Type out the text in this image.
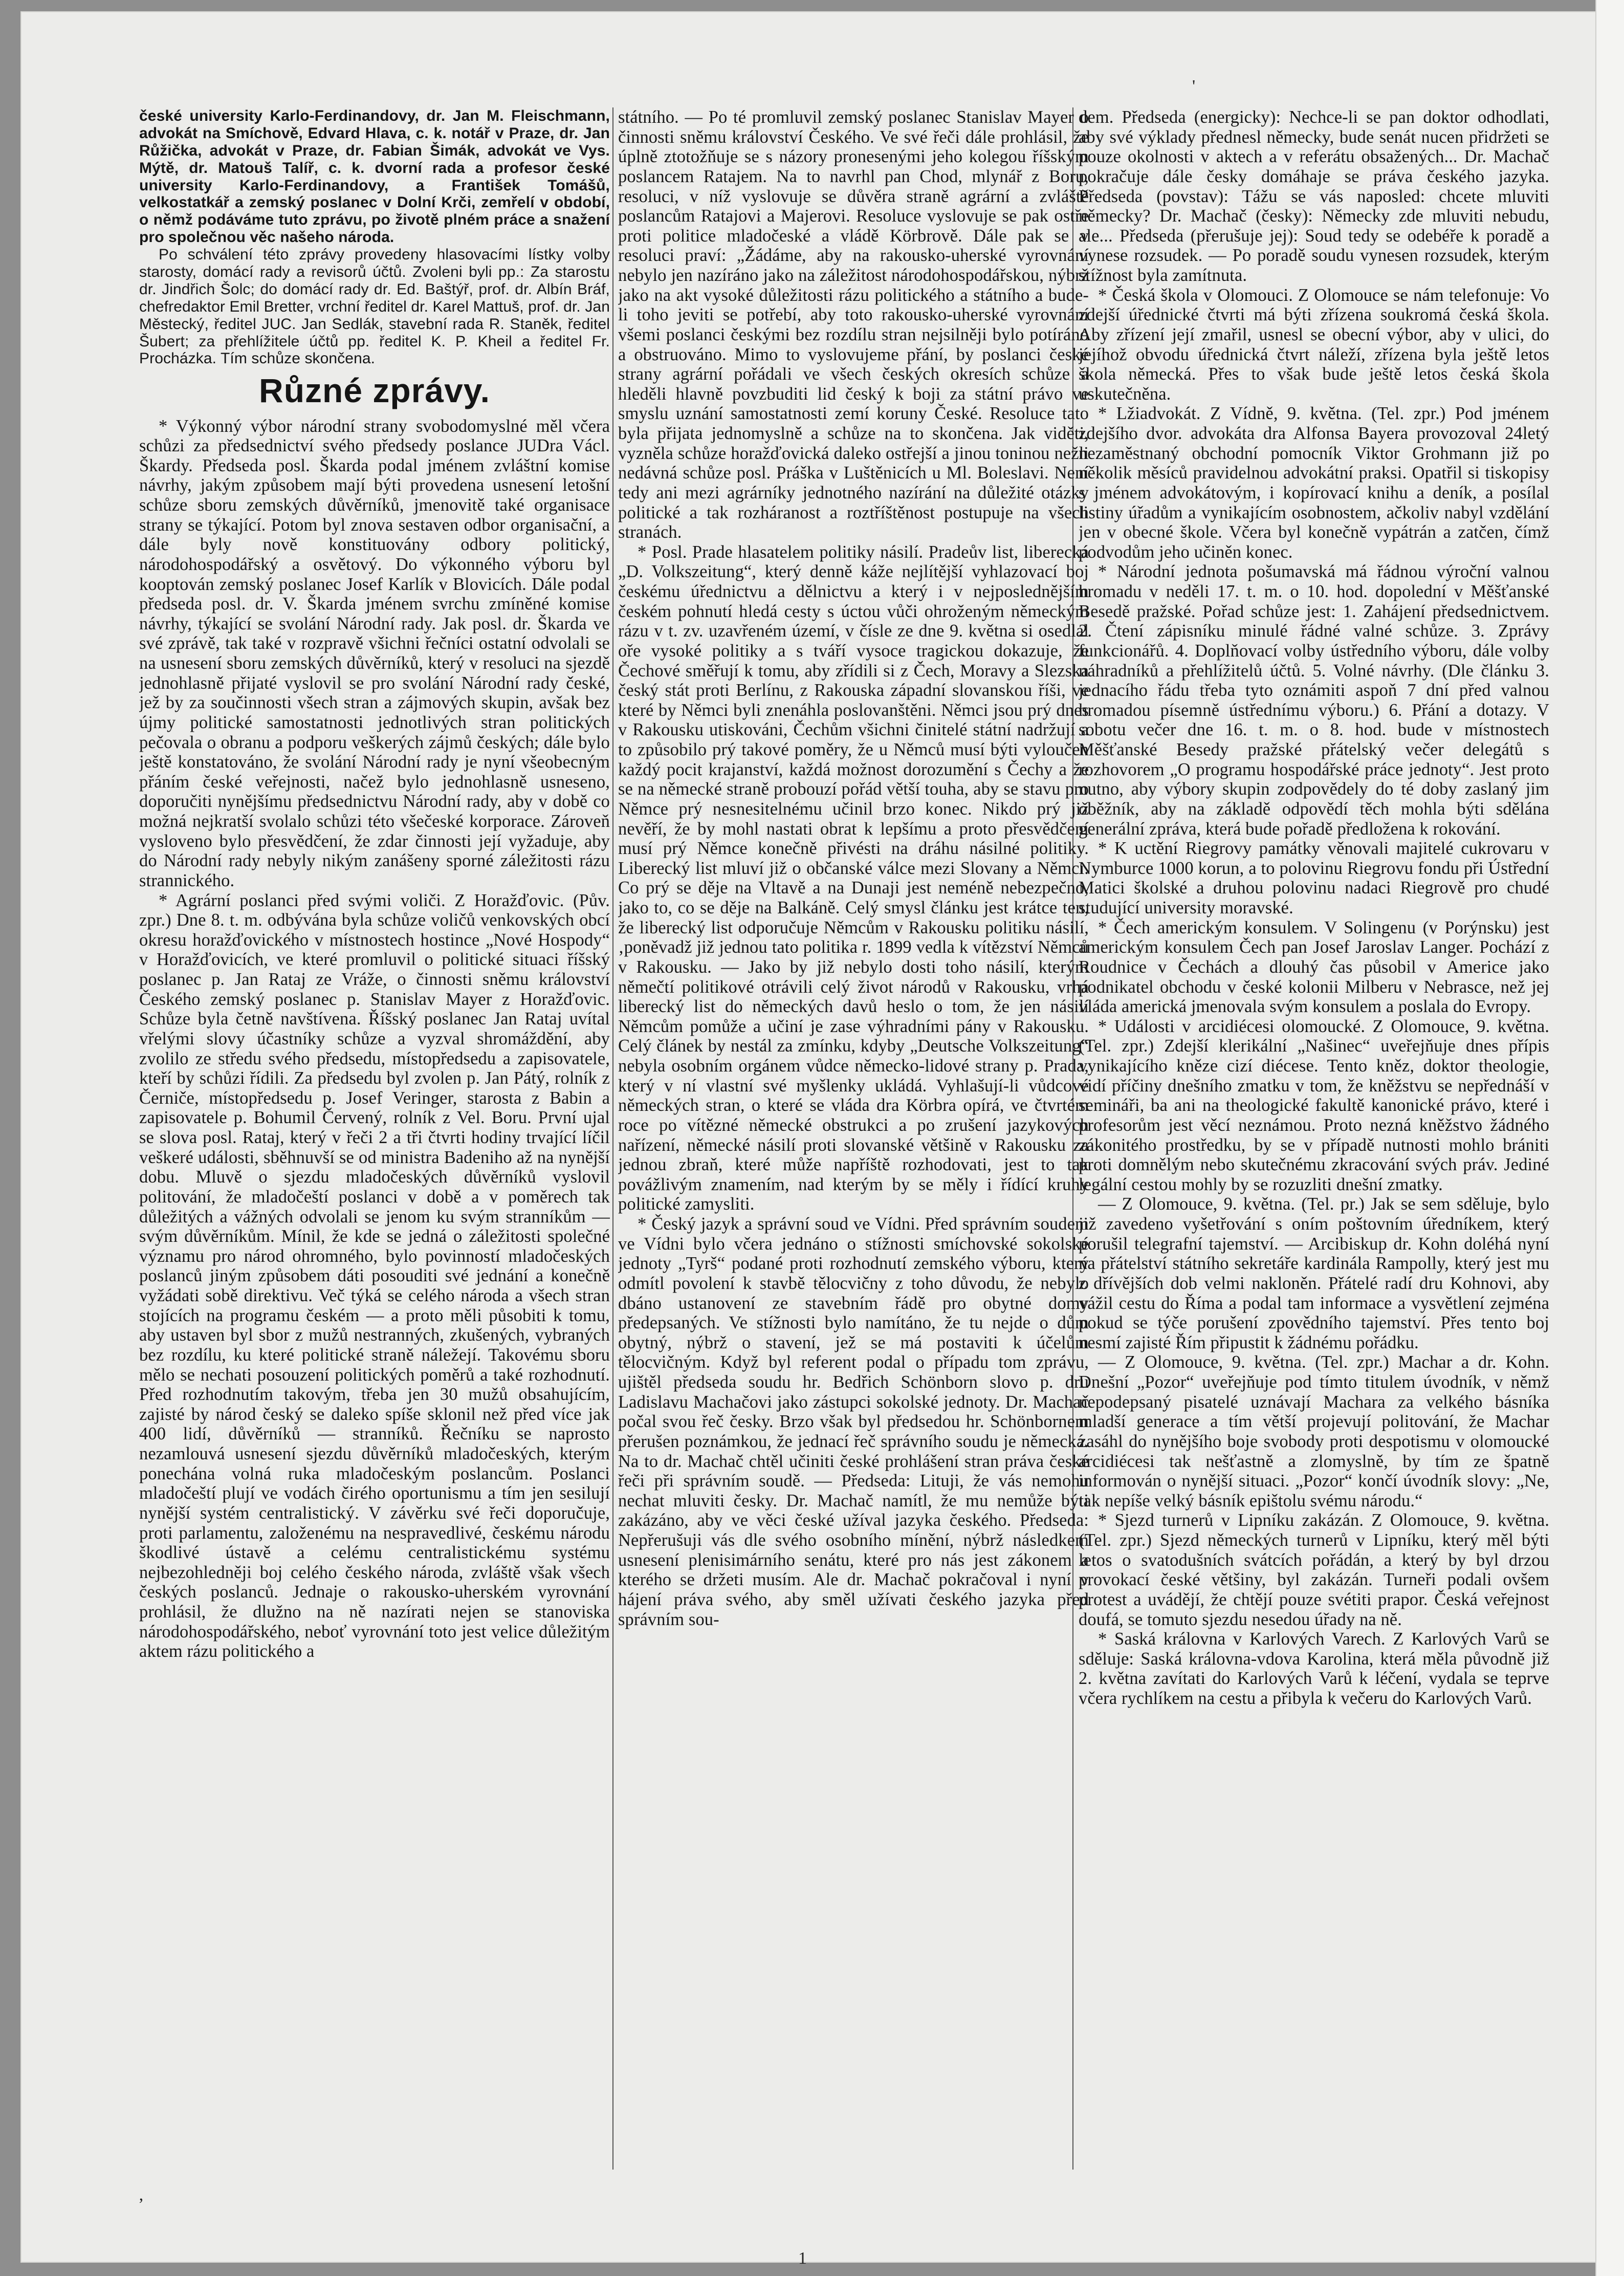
'
1
ʼ

české university Karlo-Ferdinandovy, dr. Jan M. Fleischmann, advokát na Smíchově, Edvard Hlava, c. k. notář v Praze, dr. Jan Růžička, advokát v Praze, dr. Fabian Šimák, advokát ve Vys. Mýtě, dr. Matouš Talíř, c. k. dvorní rada a profesor české university Karlo-Ferdinandovy, a František Tomášů, velkostatkář a zemský poslanec v Dolní Krči, zemřelí v období, o němž podáváme tuto zprávu, po životě plném práce a snažení pro společnou věc našeho národa.

Po schválení této zprávy provedeny hlasovacími lístky volby starosty, domácí rady a revisorů účtů. Zvoleni byli pp.: Za starostu dr. Jindřich Šolc; do domácí rady dr. Ed. Baštýř, prof. dr. Albín Bráf, chefredaktor Emil Bretter, vrchní ředitel dr. Karel Mattuš, prof. dr. Jan Městecký, ředitel JUC. Jan Sedlák, stavební rada R. Staněk, ředitel Šubert; za přehlížitele účtů pp. ředitel K. P. Kheil a ředitel Fr. Procházka. Tím schůze skončena.

Různé zprávy.

* Výkonný výbor národní strany svobodomyslné měl včera schůzi za předsednictví svého předsedy poslance JUDra Václ. Škardy. Předseda posl. Škarda podal jménem zvláštní komise návrhy, jakým způsobem mají býti provedena usnesení letošní schůze sboru zemských důvěrníků, jmenovitě také organisace strany se týkající. Potom byl znova sestaven odbor organisační, a dále byly nově konstituovány odbory politický, národohospodářský a osvětový. Do výkonného výboru byl kooptován zemský poslanec Josef Karlík v Blovicích. Dále podal předseda posl. dr. V. Škarda jménem svrchu zmíněné komise návrhy, týkající se svolání Národní rady. Jak posl. dr. Škarda ve své zprávě, tak také v rozpravě všichni řečníci ostatní odvolali se na usnesení sboru zemských důvěrníků, který v resoluci na sjezdě jednohlasně přijaté vyslovil se pro svolání Národní rady české, jež by za součinnosti všech stran a zájmových skupin, avšak bez újmy politické samostatnosti jednotlivých stran politických pečovala o obranu a podporu veškerých zájmů českých; dále bylo ještě konstatováno, že svolání Národní rady je nyní všeobecným přáním české veřejnosti, načež bylo jednohlasně usneseno, doporučiti nynějšímu předsednictvu Národní rady, aby v době co možná nejkratší svolalo schůzi této všečeské korporace. Zároveň vysloveno bylo přesvědčení, že zdar činnosti její vyžaduje, aby do Národní rady nebyly nikým zanášeny sporné záležitosti rázu strannického.

* Agrární poslanci před svými voliči. Z Horažďovic. (Pův. zpr.) Dne 8. t. m. odbývána byla schůze voličů venkovských obcí okresu horažďovického v místnostech hostince „Nové Hospody“ v Horažďovicích, ve které promluvil o politické situaci říšský poslanec p. Jan Rataj ze Vráže, o činnosti sněmu království Českého zemský poslanec p. Stanislav Mayer z Horažďovic. Schůze byla četně navštívena. Říšský poslanec Jan Rataj uvítal vřelými slovy účastníky schůze a vyzval shromáždění, aby zvolilo ze středu svého předsedu, místopředsedu a zapisovatele, kteří by schůzi řídili. Za předsedu byl zvolen p. Jan Pátý, rolník z Černiče, místopředsedu p. Josef Veringer, starosta z Babin a zapisovatele p. Bohumil Červený, rolník z Vel. Boru. První ujal se slova posl. Rataj, který v řeči 2 a tři čtvrti hodiny trvající líčil veškeré události, sběhnuvší se od ministra Badeniho až na nynější dobu. Mluvě o sjezdu mladočeských důvěrníků vyslovil politování, že mladočeští poslanci v době a v poměrech tak důležitých a vážných odvolali se jenom ku svým stranníkům — svým důvěrníkům. Mínil, že kde se jedná o záležitosti společné významu pro národ ohromného, bylo povinností mladočeských poslanců jiným způsobem dáti posouditi své jednání a konečně vyžádati sobě direktivu. Več týká se celého národa a všech stran stojících na programu českém — a proto měli působiti k tomu, aby ustaven byl sbor z mužů nestranných, zkušených, vybraných bez rozdílu, ku které politické straně náležejí. Takovému sboru mělo se nechati posouzení politických poměrů a také rozhodnutí. Před rozhodnutím takovým, třeba jen 30 mužů obsahujícím, zajisté by národ český se daleko spíše sklonil než před více jak 400 lidí, důvěrníků — stranníků. Řečníku se naprosto nezamlouvá usnesení sjezdu důvěrníků mladočeských, kterým ponechána volná ruka mladočeským poslancům. Poslanci mladočeští plují ve vodách čirého oportunismu a tím jen sesilují nynější systém centralistický. V závěrku své řeči doporučuje, proti parlamentu, založenému na nespravedlivé, českému národu škodlivé ústavě a celému centralistickému systému nejbezohledněji boj celého českého národa, zvláště však všech českých poslanců. Jednaje o rakousko-uherském vyrovnání prohlásil, že dlužno na ně nazírati nejen se stanoviska národohospodářského, neboť vyrovnání toto jest velice důležitým aktem rázu politického a

státního. — Po té promluvil zemský poslanec Stanislav Mayer o činnosti sněmu království Českého. Ve své řeči dále prohlásil, že úplně ztotožňuje se s názory pronesenými jeho kolegou říšským poslancem Ratajem. Na to navrhl pan Chod, mlynář z Boru, resoluci, v níž vyslovuje se důvěra straně agrární a zvláště poslancům Ratajovi a Majerovi. Resoluce vyslovuje se pak ostře proti politice mladočeské a vládě Körbrově. Dále pak se v resoluci praví: „Žádáme, aby na rakousko-uherské vyrovnání nebylo jen nazíráno jako na záležitost národohospodářskou, nýbrž jako na akt vysoké důležitosti rázu politického a státního a bude-li toho jeviti se potřebí, aby toto rakousko-uherské vyrovnání všemi poslanci českými bez rozdílu stran nejsilněji bylo potíráno a obstruováno. Mimo to vyslovujeme přání, by poslanci české strany agrární pořádali ve všech českých okresích schůze a hleděli hlavně povzbuditi lid český k boji za státní právo ve smyslu uznání samostatnosti zemí koruny České. Resoluce tato byla přijata jednomyslně a schůze na to skončena. Jak viděti, vyzněla schůze horažďovická daleko ostřejší a jinou toninou nežli nedávná schůze posl. Práška v Luštěnicích u Ml. Boleslavi. Není tedy ani mezi agrárníky jednotného nazírání na důležité otázky politické a tak rozháranost a roztříštěnost postupuje na všech stranách.

* Posl. Prade hlasatelem politiky násilí. Pradeův list, liberecká „D. Volkszeitung“, který denně káže nejlítější vyhlazovací boj českému úřednictvu a dělnictvu a který i v nejposlednějším českém pohnutí hledá cesty s úctou vůči ohroženým německým rázu v t. zv. uzavřeném území, v čísle ze dne 9. května si osedlal oře vysoké politiky a s tváří vysoce tragickou dokazuje, že Čechové směřují k tomu, aby zřídili si z Čech, Moravy a Slezska český stát proti Berlínu, z Rakouska západní slovanskou říši, ve které by Němci byli znenáhla poslovanštěni. Němci jsou prý dnes v Rakousku utiskováni, Čechům všichni činitelé státní nadržují a to způsobilo prý takové poměry, že u Němců musí býti vyloučen každý pocit krajanství, každá možnost dorozumění s Čechy a že se na německé straně probouzí pořád větší touha, aby se stavu pro Němce prý nesnesitelnému učinil brzo konec. Nikdo prý již nevěří, že by mohl nastati obrat k lepšímu a proto přesvědčení musí prý Němce konečně přivésti na dráhu násilné politiky. Liberecký list mluví již o občanské válce mezi Slovany a Němci. Co prý se děje na Vltavě a na Dunaji jest neméně nebezpečno, jako to, co se děje na Balkáně. Celý smysl článku jest krátce ten, že liberecký list odporučuje Němcům v Rakousku politiku násilí, ‚poněvadž již jednou tato politika r. 1899 vedla k vítězství Němců v Rakousku. — Jako by již nebylo dosti toho násilí, kterým němečtí politikové otrávili celý život národů v Rakousku, vrhá liberecký list do německých davů heslo o tom, že jen násilí Němcům pomůže a učiní je zase výhradními pány v Rakousku. Celý článek by nestál za zmínku, kdyby „Deutsche Volkszeitung“ nebyla osobním orgánem vůdce německo-lidové strany p. Prada, který v ní vlastní své myšlenky ukládá. Vyhlašují-li vůdcové německých stran, o které se vláda dra Körbra opírá, ve čtvrtém roce po vítězné německé obstrukci a po zrušení jazykových nařízení, německé násilí proti slovanské většině v Rakousku za jednou zbraň, které může napříště rozhodovati, jest to tak povážlivým znamením, nad kterým by se měly i řídící kruhy politické zamysliti.

* Český jazyk a správní soud ve Vídni. Před správním soudem ve Vídni bylo včera jednáno o stížnosti smíchovské sokolské jednoty „Tyrš“ podané proti rozhodnutí zemského výboru, který odmítl povolení k stavbě tělocvičny z toho důvodu, že nebylo dbáno ustanovení ze stavebním řádě pro obytné domy předepsaných. Ve stížnosti bylo namítáno, že tu nejde o dům obytný, nýbrž o stavení, jež se má postaviti k účelům tělocvičným. Když byl referent podal o případu tom zprávu, ujištěl předseda soudu hr. Bedřich Schönborn slovo p. dru Ladislavu Machačovi jako zástupci sokolské jednoty. Dr. Machač počal svou řeč česky. Brzo však byl předsedou hr. Schönbornem přerušen poznámkou, že jednací řeč správního soudu je německá. Na to dr. Machač chtěl učiniti české prohlášení stran práva české řeči při správním soudě. — Předseda: Lituji, že vás nemohu nechat mluviti česky. Dr. Machač namítl, že mu nemůže býti zakázáno, aby ve věci české užíval jazyka českého. Předseda: Nepřerušuji vás dle svého osobního mínění, nýbrž následkem usnesení plenisimárního senátu, které pro nás jest zákonem a kterého se držeti musím. Ale dr. Machač pokračoval i nyní v hájení práva svého, aby směl užívati českého jazyka před správním sou-

dem. Předseda (energicky): Nechce-li se pan doktor odhodlati, aby své výklady přednesl německy, bude senát nucen přidržeti se pouze okolnosti v aktech a v referátu obsažených... Dr. Machač pokračuje dále česky domáhaje se práva českého jazyka. Předseda (povstav): Tážu se vás naposled: chcete mluviti německy? Dr. Machač (česky): Německy zde mluviti nebudu, ale... Předseda (přerušuje jej): Soud tedy se odebéře k poradě a vynese rozsudek. — Po poradě soudu vynesen rozsudek, kterým stížnost byla zamítnuta.

* Česká škola v Olomouci. Z Olomouce se nám telefonuje: Vo zdejší úřednické čtvrti má býti zřízena soukromá česká škola. Aby zřízení její zmařil, usnesl se obecní výbor, aby v ulici, do jejíhož obvodu úřednická čtvrt náleží, zřízena byla ještě letos škola německá. Přes to však bude ještě letos česká škola uskutečněna.

* Lžiadvokát. Z Vídně, 9. května. (Tel. zpr.) Pod jménem zdejšího dvor. advokáta dra Alfonsa Bayera provozoval 24letý nezaměstnaný obchodní pomocník Viktor Grohmann již po několik měsíců pravidelnou advokátní praksi. Opatřil si tiskopisy s jménem advokátovým, i kopírovací knihu a deník, a posílal listiny úřadům a vynikajícím osobnostem, ačkoliv nabyl vzdělání jen v obecné škole. Včera byl konečně vypátrán a zatčen, čímž podvodům jeho učiněn konec.

* Národní jednota pošumavská má řádnou výroční valnou hromadu v neděli 17. t. m. o 10. hod. dopolední v Měšťanské Besedě pražské. Pořad schůze jest: 1. Zahájení předsednictvem. 2. Čtení zápisníku minulé řádné valné schůze. 3. Zprávy funkcionářů. 4. Doplňovací volby ústředního výboru, dále volby náhradníků a přehlížitelů účtů. 5. Volné návrhy. (Dle článku 3. jednacího řádu třeba tyto oznámiti aspoň 7 dní před valnou hromadou písemně ústřednímu výboru.) 6. Přání a dotazy. V sobotu večer dne 16. t. m. o 8. hod. bude v místnostech Měšťanské Besedy pražské přátelský večer delegátů s rozhovorem „O programu hospodářské práce jednoty“. Jest proto nutno, aby výbory skupin zodpovědely do té doby zaslaný jim oběžník, aby na základě odpovědí těch mohla býti sdělána generální zpráva, která bude pořadě předložena k rokování.

* K uctění Riegrovy památky věnovali majitelé cukrovaru v Nymburce 1000 korun, a to polovinu Riegrovu fondu při Ústřední Matici školské a druhou polovinu nadaci Riegrově pro chudé studující university moravské.

* Čech americkým konsulem. V Solingenu (v Porýnsku) jest americkým konsulem Čech pan Josef Jaroslav Langer. Pochází z Roudnice v Čechách a dlouhý čas působil v Americe jako podnikatel obchodu v české kolonii Milberu v Nebrasce, než jej vláda americká jmenovala svým konsulem a poslala do Evropy.

* Události v arcidiécesi olomoucké. Z Olomouce, 9. května. (Tel. zpr.) Zdejší klerikální „Našinec“ uveřejňuje dnes přípis vynikajícího kněze cizí diécese. Tento kněz, doktor theologie, vidí příčiny dnešního zmatku v tom, že kněžstvu se nepřednáší v semináři, ba ani na theologické fakultě kanonické právo, které i profesorům jest věcí neznámou. Proto nezná kněžstvo žádného zákonitého prostředku, by se v případě nutnosti mohlo brániti proti domnělým nebo skutečnému zkracování svých práv. Jediné legální cestou mohly by se rozuzliti dnešní zmatky.

— Z Olomouce, 9. května. (Tel. pr.) Jak se sem sděluje, bylo již zavedeno vyšetřování s oním poštovním úředníkem, který porušil telegrafní tajemství. — Arcibiskup dr. Kohn doléhá nyní na přátelství státního sekretáře kardinála Rampolly, který jest mu z dřívějších dob velmi nakloněn. Přátelé radí dru Kohnovi, aby vážil cestu do Říma a podal tam informace a vysvětlení zejména pokud se týče porušení zpovědního tajemství. Přes tento boj nesmí zajisté Řím připustit k žádnému pořádku.

— Z Olomouce, 9. května. (Tel. zpr.) Machar a dr. Kohn. Dnešní „Pozor“ uveřejňuje pod tímto titulem úvodník, v němž nepodepsaný pisatelé uznávají Machara za velkého básníka mladší generace a tím větší projevují politování, že Machar zasáhl do nynějšího boje svobody proti despotismu v olomoucké arcidiécesi tak nešťastně a zlomyslně, by tím ze špatně informován o nynější situaci. „Pozor“ končí úvodník slovy: „Ne, tak nepíše velký básník epištolu svému národu.“

* Sjezd turnerů v Lipníku zakázán. Z Olomouce, 9. května. (Tel. zpr.) Sjezd německých turnerů v Lipníku, který měl býti letos o svatodušních svátcích pořádán, a který by byl drzou provokací české většiny, byl zakázán. Turneři podali ovšem protest a uvádějí, že chtějí pouze svétiti prapor. Česká veřejnost doufá, se tomuto sjezdu nesedou úřady na ně.

* Saská královna v Karlových Varech. Z Karlových Varů se sděluje: Saská královna-vdova Karolina, která měla původně již 2. května zavítati do Karlových Varů k léčení, vydala se teprve včera rychlíkem na cestu a přibyla k večeru do Karlových Varů.
